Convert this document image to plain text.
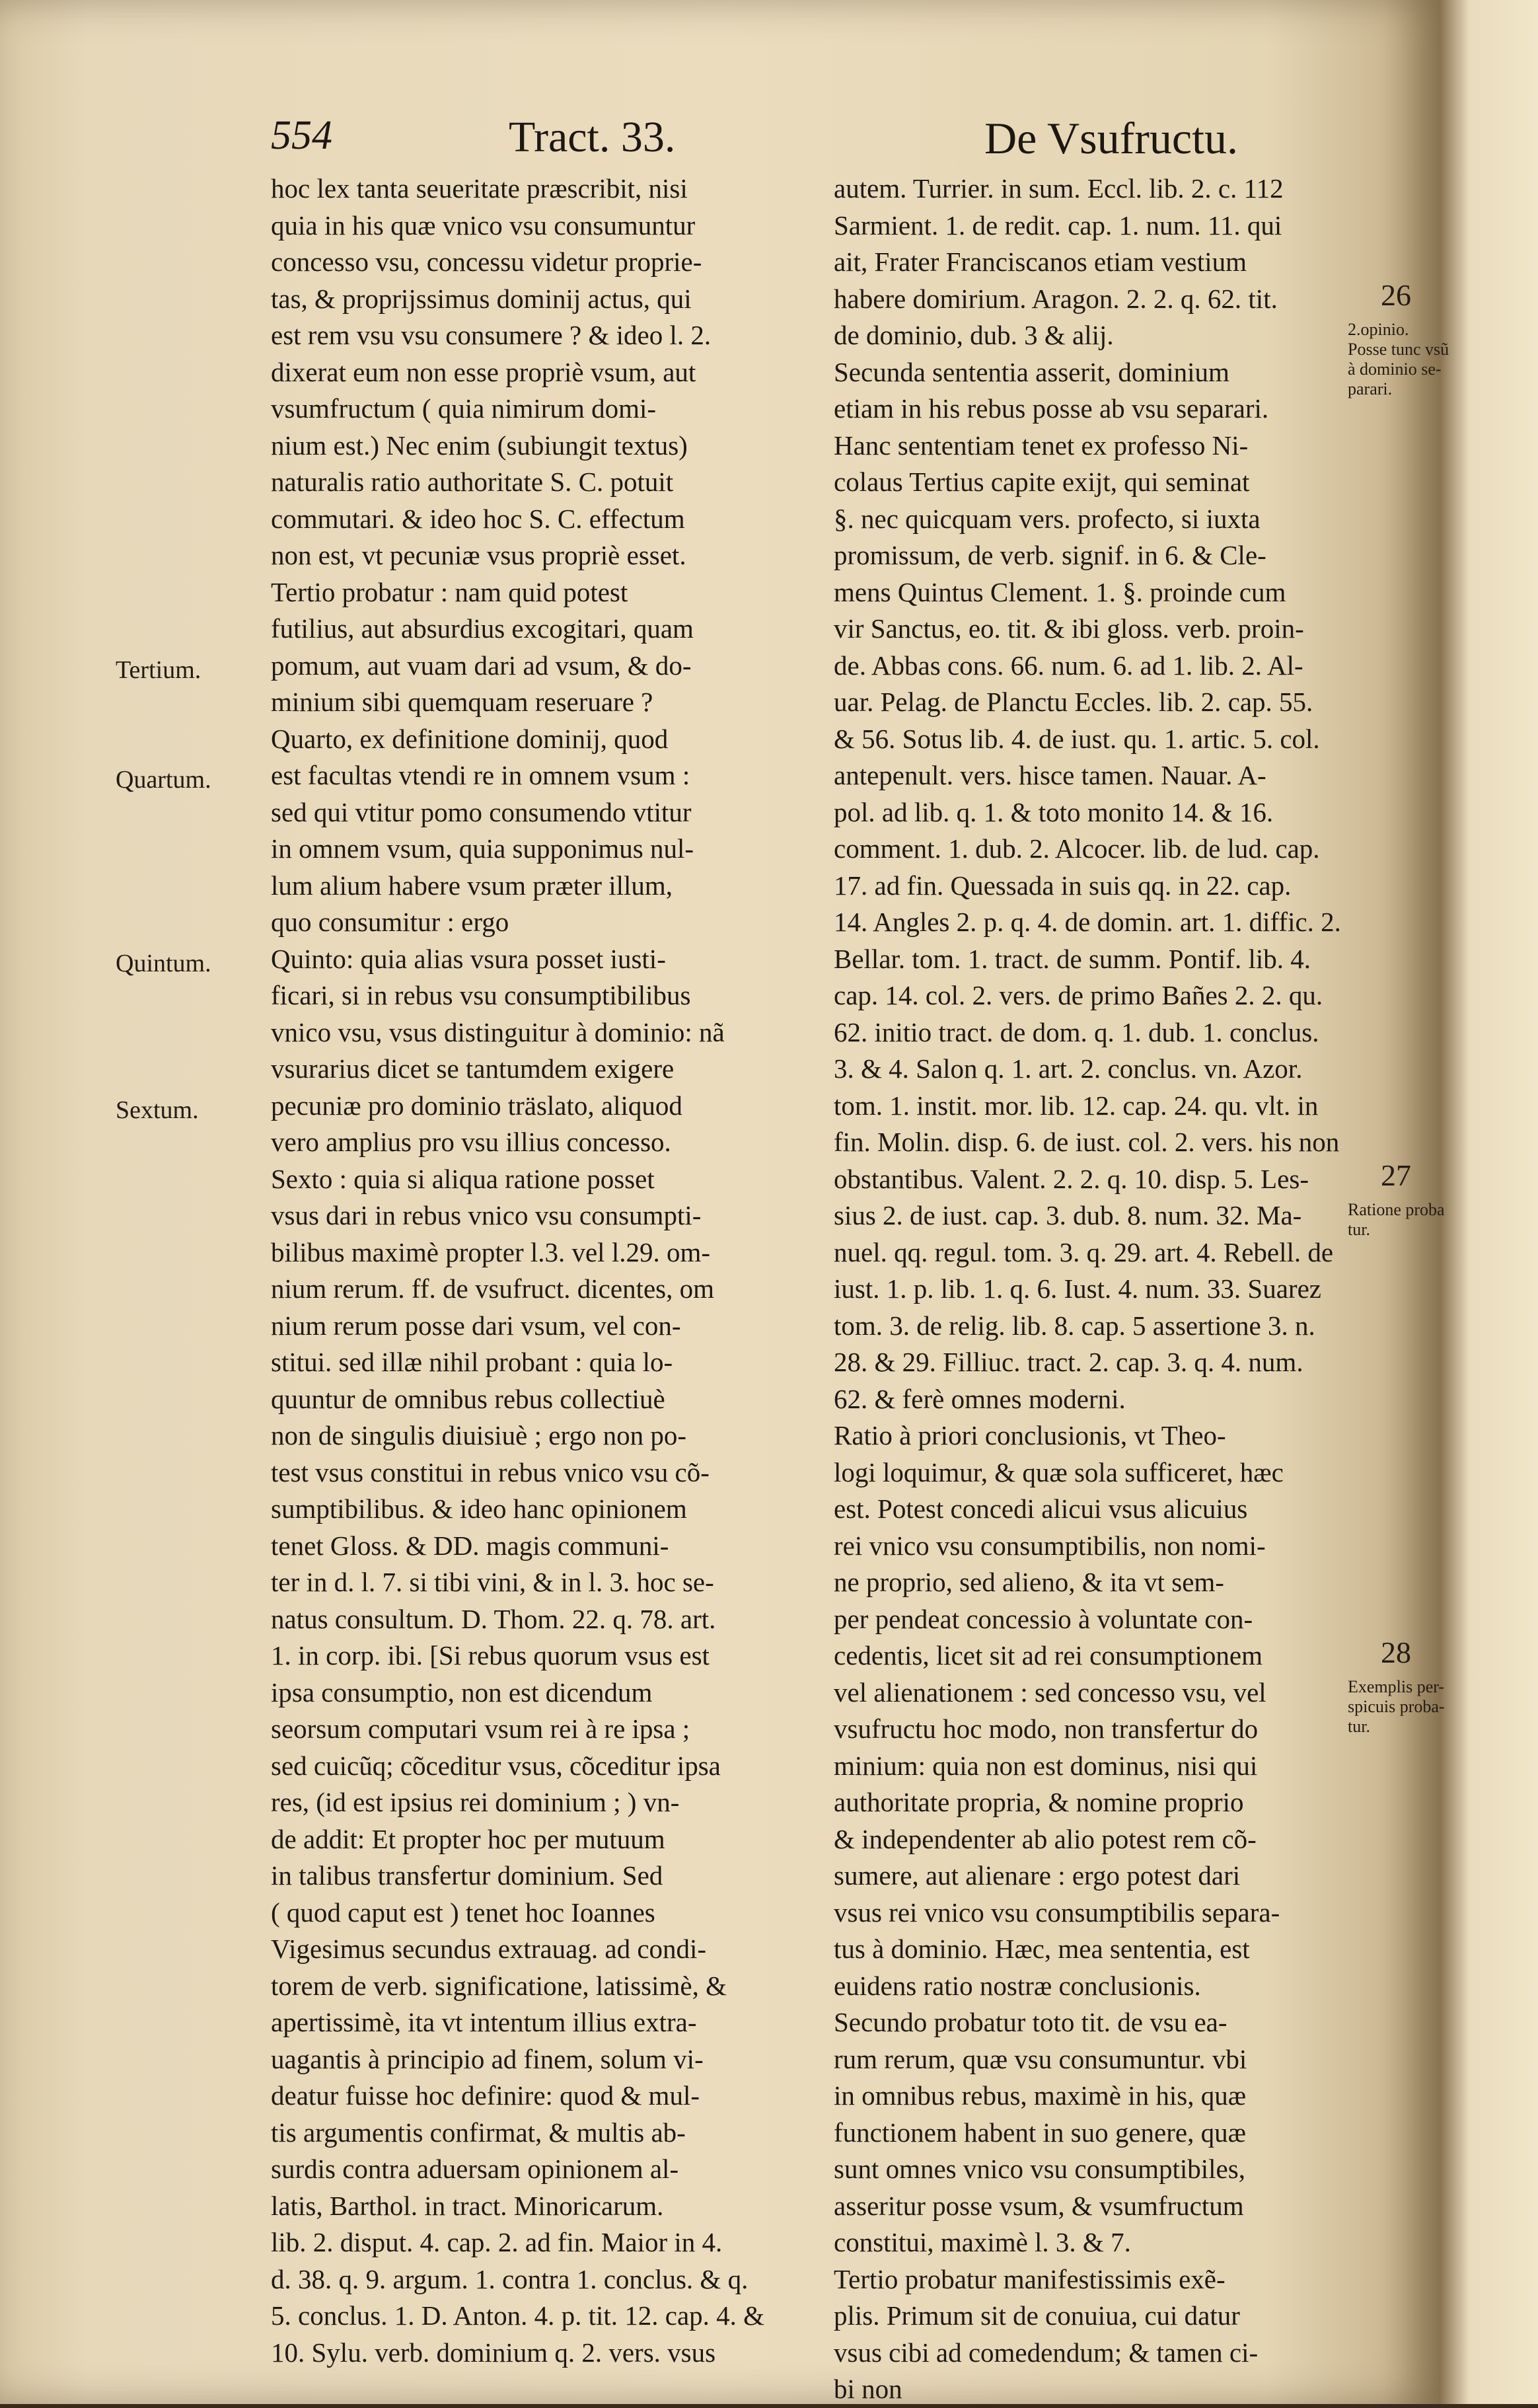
554	Tract. 33.	De Vsufructu.
hoc lex tanta seueritate præscribit, nisi
quia in his quæ vnico vsu consumuntur
concesso vsu, concessu videtur proprie-
tas, & proprijssimus dominij actus, qui
est rem vsu vsu consumere ? & ideo l. 2.
dixerat eum non esse propriè vsum, aut
vsumfructum ( quia nimirum domi-
nium est.) Nec enim (subiungit textus)
naturalis ratio authoritate S. C. potuit
commutari. & ideo hoc S. C. effectum
non est, vt pecuniæ vsus propriè esset.
Tertio probatur : nam quid potest
futilius, aut absurdius excogitari, quam
pomum, aut vuam dari ad vsum, & do-
minium sibi quemquam reseruare ?
Quarto, ex definitione dominij, quod
est facultas vtendi re in omnem vsum :
sed qui vtitur pomo consumendo vtitur
in omnem vsum, quia supponimus nul-
lum alium habere vsum præter illum,
quo consumitur : ergo
Quinto: quia alias vsura posset iusti-
ficari, si in rebus vsu consumptibilibus
vnico vsu, vsus distinguitur à dominio: nã
vsurarius dicet se tantumdem exigere
pecuniæ pro dominio träslato, aliquod
vero amplius pro vsu illius concesso.
Sexto : quia si aliqua ratione posset
vsus dari in rebus vnico vsu consumpti-
bilibus maximè propter l.3. vel l.29. om-
nium rerum. ff. de vsufruct. dicentes, om
nium rerum posse dari vsum, vel con-
stitui. sed illæ nihil probant : quia lo-
quuntur de omnibus rebus collectiuè
non de singulis diuisiuè ; ergo non po-
test vsus constitui in rebus vnico vsu cõ-
sumptibilibus. & ideo hanc opinionem
tenet Gloss. & DD. magis communi-
ter in d. l. 7. si tibi vini, & in l. 3. hoc se-
natus consultum. D. Thom. 22. q. 78. art.
1. in corp. ibi. [Si rebus quorum vsus est
ipsa consumptio, non est dicendum
seorsum computari vsum rei à re ipsa ;
sed cuicũq; cõceditur vsus, cõceditur ipsa
res, (id est ipsius rei dominium ; ) vn-
de addit: Et propter hoc per mutuum
in talibus transfertur dominium. Sed
( quod caput est ) tenet hoc Ioannes
Vigesimus secundus extrauag. ad condi-
torem de verb. significatione, latissimè, &
apertissimè, ita vt intentum illius extra-
uagantis à principio ad finem, solum vi-
deatur fuisse hoc definire: quod & mul-
tis argumentis confirmat, & multis ab-
surdis contra aduersam opinionem al-
latis, Barthol. in tract. Minoricarum.
lib. 2. disput. 4. cap. 2. ad fin. Maior in 4.
d. 38. q. 9. argum. 1. contra 1. conclus. & q.
5. conclus. 1. D. Anton. 4. p. tit. 12. cap. 4. &
10. Sylu. verb. dominium q. 2. vers. vsus
autem. Turrier. in sum. Eccl. lib. 2. c. 112
Sarmient. 1. de redit. cap. 1. num. 11. qui
ait, Frater Franciscanos etiam vestium
habere domirium. Aragon. 2. 2. q. 62. tit.
de dominio, dub. 3 & alij.
Secunda sententia asserit, dominium
etiam in his rebus posse ab vsu separari.
Hanc sententiam tenet ex professo Ni-
colaus Tertius capite exijt, qui seminat
§. nec quicquam vers. profecto, si iuxta
promissum, de verb. signif. in 6. & Cle-
mens Quintus Clement. 1. §. proinde cum
vir Sanctus, eo. tit. & ibi gloss. verb. proin-
de. Abbas cons. 66. num. 6. ad 1. lib. 2. Al-
uar. Pelag. de Planctu Eccles. lib. 2. cap. 55.
& 56. Sotus lib. 4. de iust. qu. 1. artic. 5. col.
antepenult. vers. hisce tamen. Nauar. A-
pol. ad lib. q. 1. & toto monito 14. & 16.
comment. 1. dub. 2. Alcocer. lib. de lud. cap.
17. ad fin. Quessada in suis qq. in 22. cap.
14. Angles 2. p. q. 4. de domin. art. 1. diffic. 2.
Bellar. tom. 1. tract. de summ. Pontif. lib. 4.
cap. 14. col. 2. vers. de primo Bañes 2. 2. qu.
62. initio tract. de dom. q. 1. dub. 1. conclus.
3. & 4. Salon q. 1. art. 2. conclus. vn. Azor.
tom. 1. instit. mor. lib. 12. cap. 24. qu. vlt. in
fin. Molin. disp. 6. de iust. col. 2. vers. his non
obstantibus. Valent. 2. 2. q. 10. disp. 5. Les-
sius 2. de iust. cap. 3. dub. 8. num. 32. Ma-
nuel. qq. regul. tom. 3. q. 29. art. 4. Rebell. de
iust. 1. p. lib. 1. q. 6. Iust. 4. num. 33. Suarez
tom. 3. de relig. lib. 8. cap. 5 assertione 3. n.
28. & 29. Filliuc. tract. 2. cap. 3. q. 4. num.
62. & ferè omnes moderni.
Ratio à priori conclusionis, vt Theo-
logi loquimur, & quæ sola sufficeret, hæc
est. Potest concedi alicui vsus alicuius
rei vnico vsu consumptibilis, non nomi-
ne proprio, sed alieno, & ita vt sem-
per pendeat concessio à voluntate con-
cedentis, licet sit ad rei consumptionem
vel alienationem : sed concesso vsu, vel
vsufructu hoc modo, non transfertur do
minium: quia non est dominus, nisi qui
authoritate propria, & nomine proprio
& independenter ab alio potest rem cõ-
sumere, aut alienare : ergo potest dari
vsus rei vnico vsu consumptibilis separa-
tus à dominio. Hæc, mea sententia, est
euidens ratio nostræ conclusionis.
Secundo probatur toto tit. de vsu ea-
rum rerum, quæ vsu consumuntur. vbi
in omnibus rebus, maximè in his, quæ
functionem habent in suo genere, quæ
sunt omnes vnico vsu consumptibiles,
asseritur posse vsum, & vsumfructum
constitui, maximè l. 3. & 7.
Tertio probatur manifestissimis exẽ-
plis. Primum sit de conuiua, cui datur
vsus cibi ad comedendum; & tamen ci-
bi non
Tertium.
Quartum.
Quintum.
Sextum.
26
2.opinio.
Posse tunc vsũ
à dominio se-
parari.
27
Ratione proba
tur.
28
Exemplis per-
spicuis proba-
tur.
